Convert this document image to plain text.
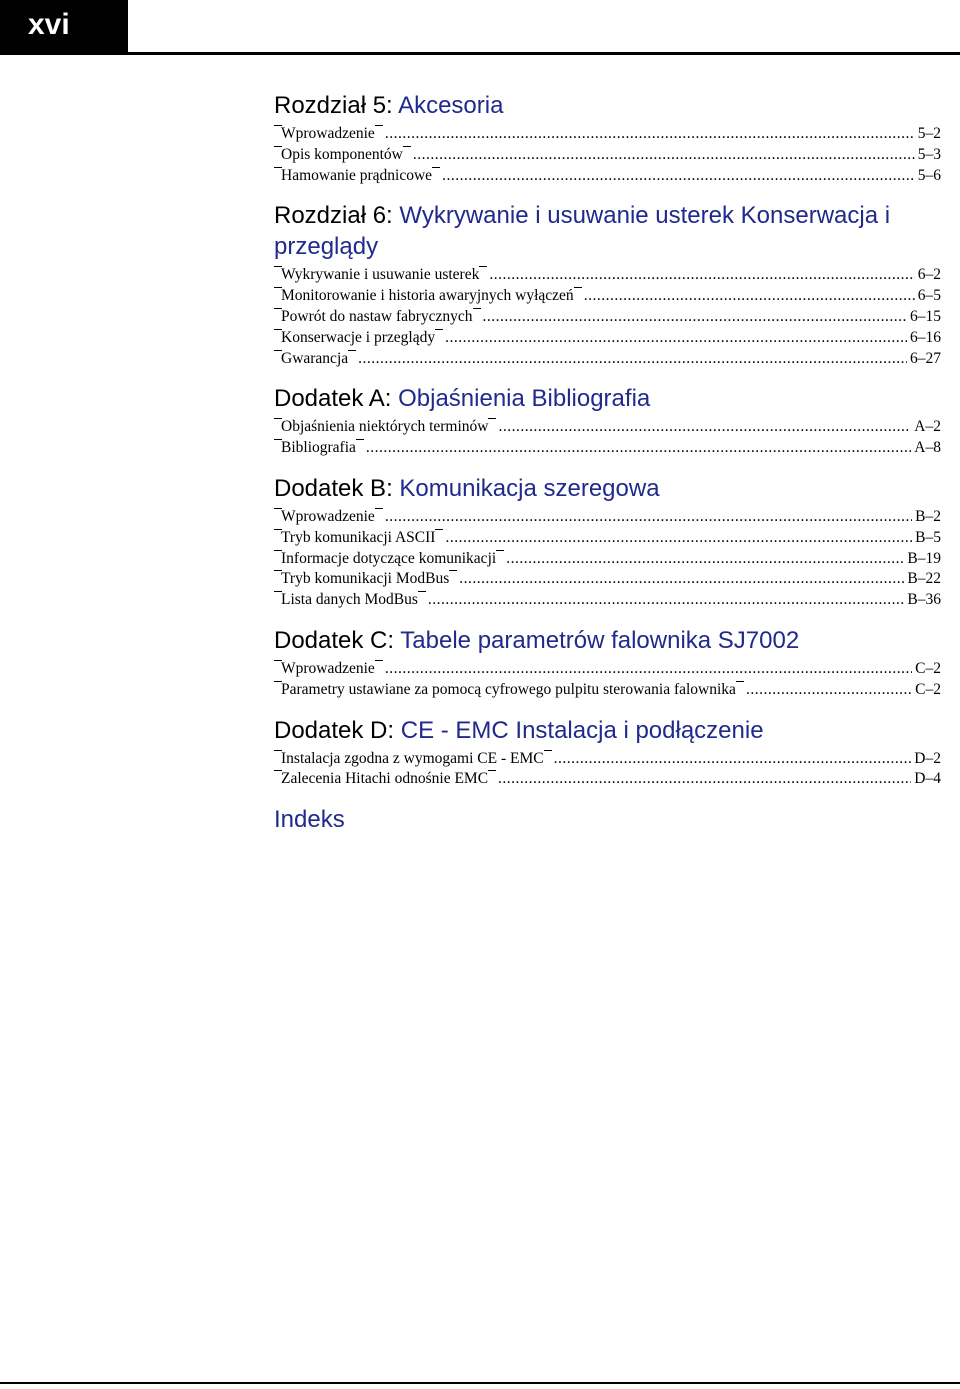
xvi
Rozdział 5: Akcesoria
Wprowadzenie .....	5–2
Opis komponentów .....	5–3
Hamowanie prądnicowe .....	5–6
Rozdział 6: Wykrywanie i usuwanie usterek Konserwacja i przeglądy
Wykrywanie i usuwanie usterek .....	6–2
Monitorowanie i historia awaryjnych wyłączeń .....	6–5
Powrót do nastaw fabrycznych .....	6–15
Konserwacje i przeglądy .....	6–16
Gwarancja .....	6–27
Dodatek A: Objaśnienia Bibliografia
Objaśnienia niektórych terminów .....	A–2
Bibliografia .....	A–8
Dodatek B: Komunikacja szeregowa
Wprowadzenie .....	B–2
Tryb komunikacji ASCII .....	B–5
Informacje dotyczące komunikacji .....	B–19
Tryb komunikacji ModBus .....	B–22
Lista danych ModBus .....	B–36
Dodatek C: Tabele parametrów falownika SJ7002
Wprowadzenie .....	C–2
Parametry ustawiane za pomocą cyfrowego pulpitu sterowania falownika .....	C–2
Dodatek D: CE - EMC Instalacja i podłączenie
Instalacja zgodna z wymogami CE - EMC .....	D–2
Zalecenia Hitachi odnośnie EMC .....	D–4
Indeks
